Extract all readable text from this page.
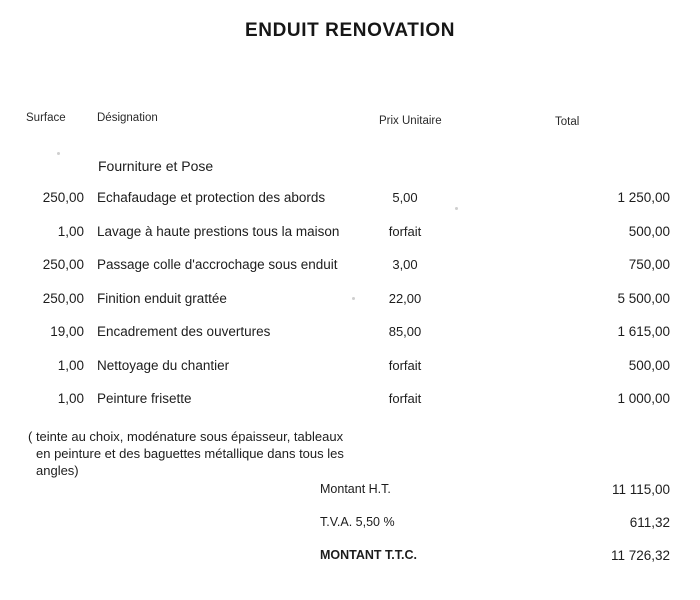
ENDUIT RENOVATION
Surface	Désignation	Prix Unitaire	Total
Fourniture et Pose
250,00 Echafaudage et protection des abords	5,00	1 250,00
1,00 Lavage à haute prestions tous la maison	forfait	500,00
250,00 Passage colle d'accrochage sous enduit	3,00	750,00
250,00 Finition enduit grattée	22,00	5 500,00
19,00 Encadrement des ouvertures	85,00	1 615,00
1,00 Nettoyage du chantier	forfait	500,00
1,00 Peinture frisette	forfait	1 000,00
( teinte au choix, modénature sous épaisseur, tableaux
en peinture et des baguettes métallique dans tous les
angles)
Montant H.T.	11 115,00
T.V.A. 5,50 %	611,32
MONTANT T.T.C.	11 726,32
